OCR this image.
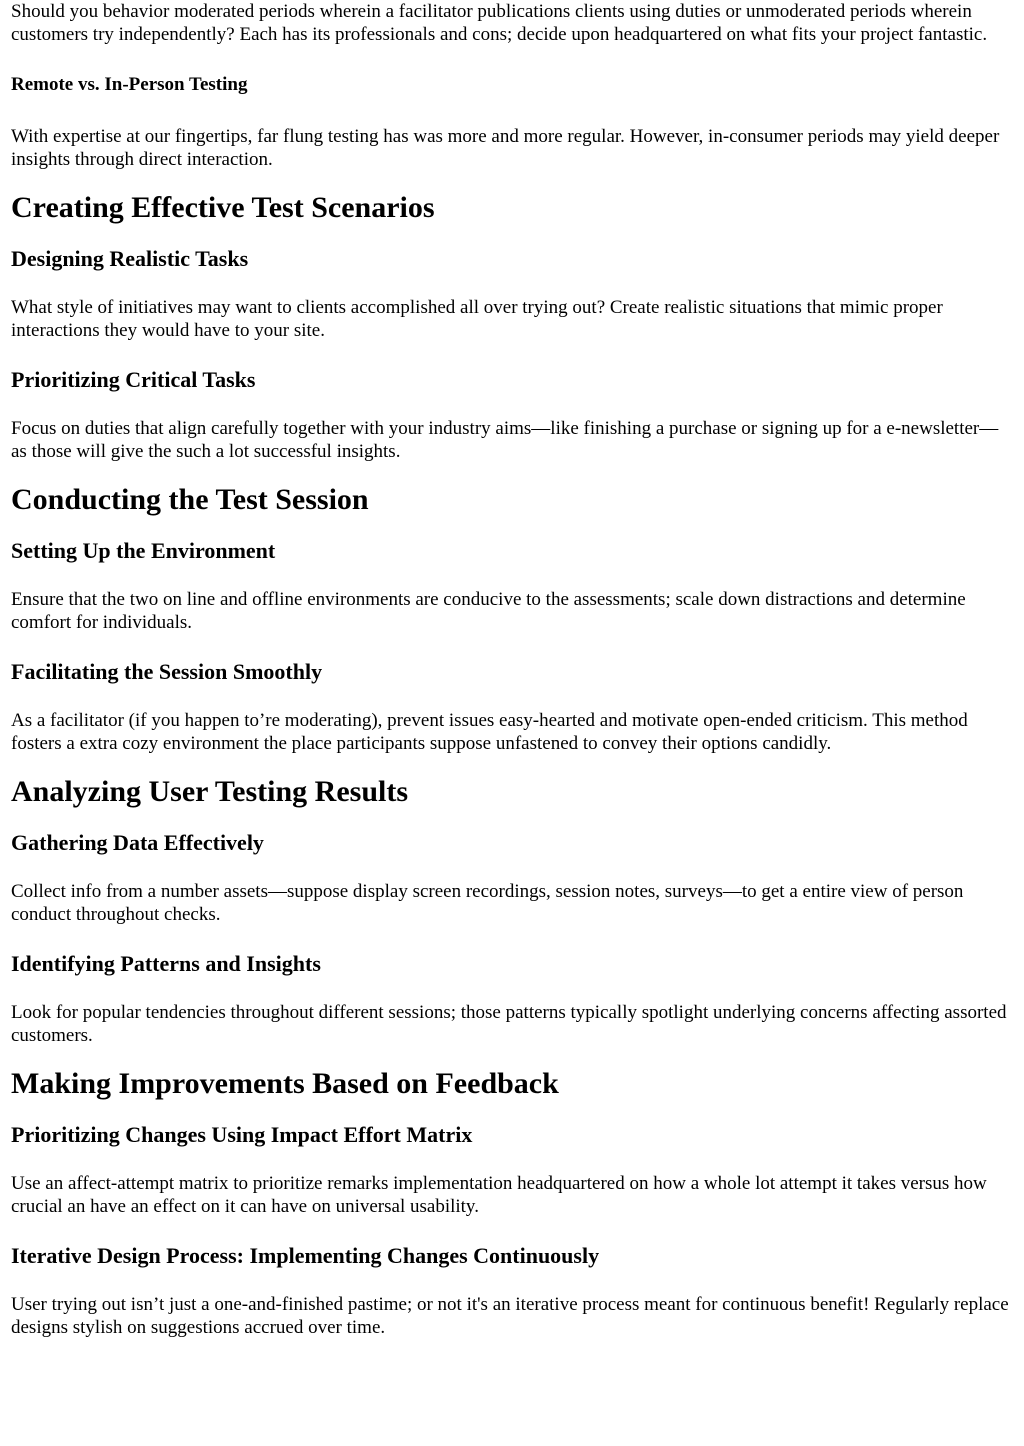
Should you behavior moderated periods wherein a facilitator publications clients using duties or unmoderated periods wherein customers try independently? Each has its professionals and cons; decide upon headquartered on what fits your project fantastic.

Remote vs. In-Person Testing

With expertise at our fingertips, far flung testing has was more and more regular. However, in-consumer periods may yield deeper insights through direct interaction.

Creating Effective Test Scenarios
Designing Realistic Tasks

What style of initiatives may want to clients accomplished all over trying out? Create realistic situations that mimic proper interactions they would have to your site.

Prioritizing Critical Tasks

Focus on duties that align carefully together with your industry aims—like finishing a purchase or signing up for a e-newsletter—as those will give the such a lot successful insights.

Conducting the Test Session
Setting Up the Environment

Ensure that the two on line and offline environments are conducive to the assessments; scale down distractions and determine comfort for individuals.

Facilitating the Session Smoothly

As a facilitator (if you happen to’re moderating), prevent issues easy-hearted and motivate open-ended criticism. This method fosters a extra cozy environment the place participants suppose unfastened to convey their options candidly.

Analyzing User Testing Results
Gathering Data Effectively

Collect info from a number assets—suppose display screen recordings, session notes, surveys—to get a entire view of person conduct throughout checks.

Identifying Patterns and Insights

Look for popular tendencies throughout different sessions; those patterns typically spotlight underlying concerns affecting assorted customers.

Making Improvements Based on Feedback
Prioritizing Changes Using Impact Effort Matrix

Use an affect-attempt matrix to prioritize remarks implementation headquartered on how a whole lot attempt it takes versus how crucial an have an effect on it can have on universal usability.

Iterative Design Process: Implementing Changes Continuously

User trying out isn’t just a one-and-finished pastime; or not it's an iterative process meant for continuous benefit! Regularly replace designs stylish on suggestions accrued over time.
